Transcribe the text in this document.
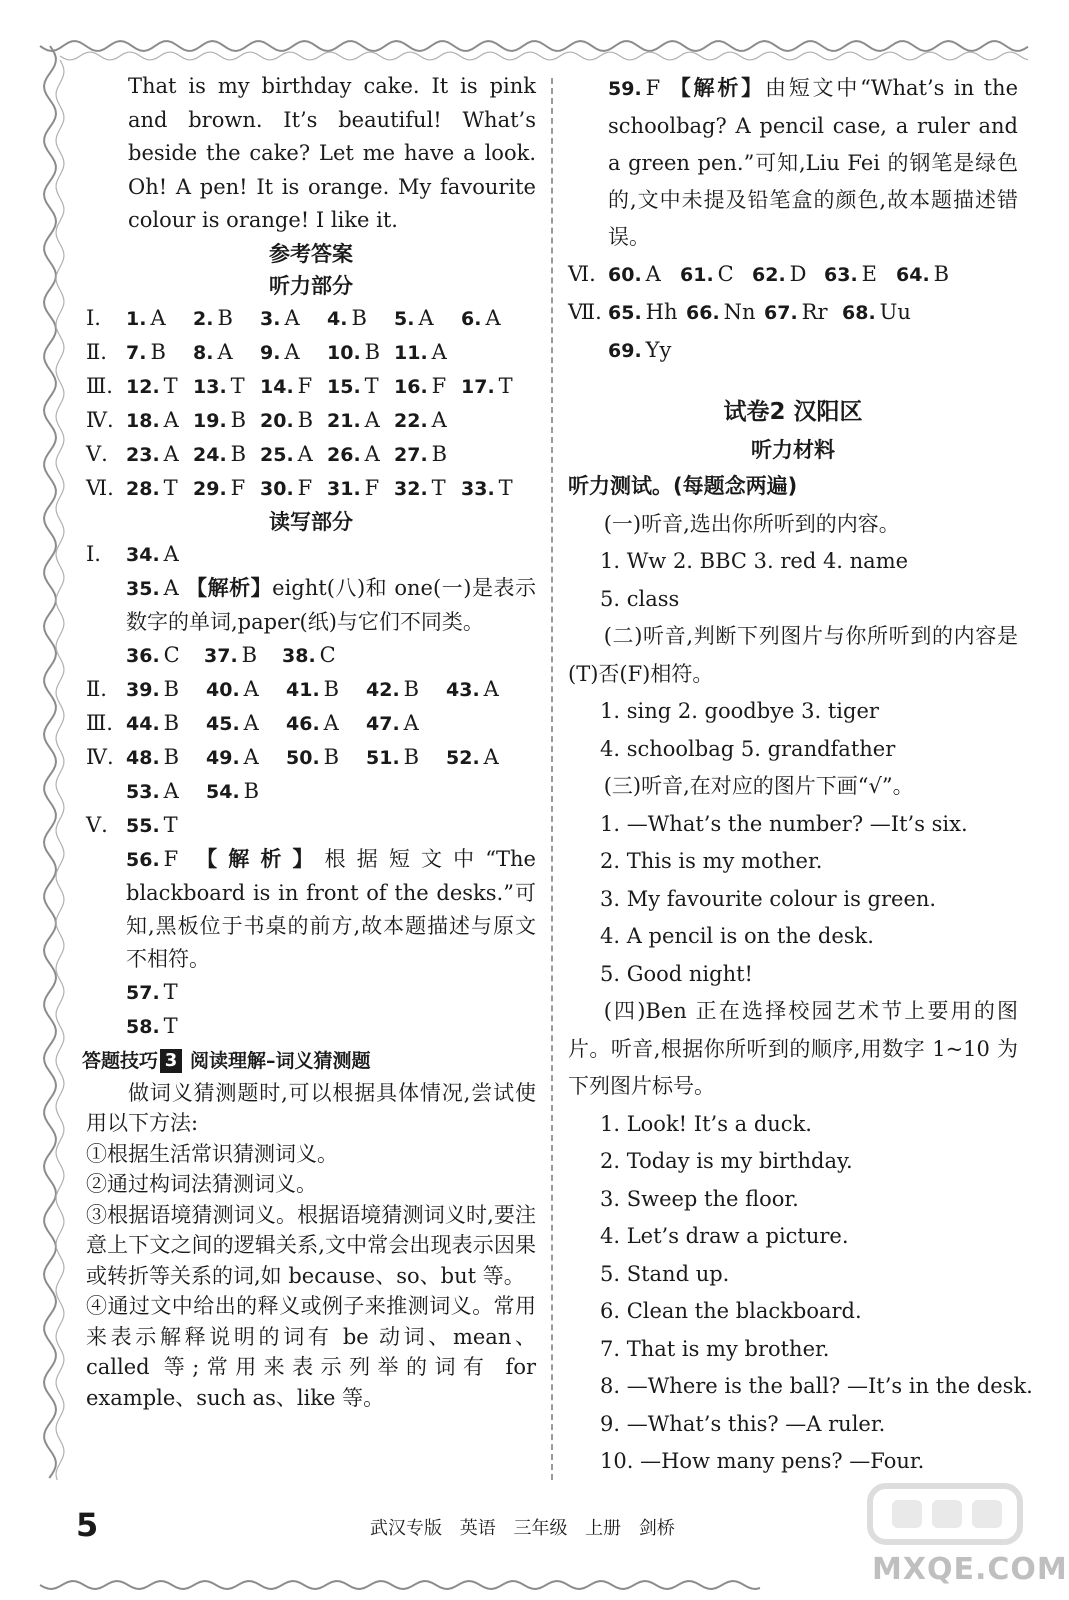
That is my birthday cake. It is pink and brown. It’s beautiful! What’s beside the cake? Let me have a look. Oh! A pen! It is orange. My favourite colour is orange! I like it.

参考答案

听力部分

Ⅰ.	1. A	2. B	3. A	4. B	5. A	6. A
Ⅱ.	7. B	8. A	9. A	10. B 11. A
Ⅲ. 12. T 13. T 14. F 15. T 16. F 17. T
Ⅳ. 18. A 19. B 20. B 21. A 22. A
Ⅴ. 23. A 24. B 25. A 26. A 27. B
Ⅵ. 28. T 29. F 30. F 31. F 32. T 33. T

读写部分

Ⅰ.	34. A
35. A 【解析】eight(八)和 one(一)是表示数字的单词,paper(纸)与它们不同类。
36. C	37. B	38. C
Ⅱ.	39. B	40. A	41. B	42. B	43. A
Ⅲ. 44. B	45. A	46. A	47. A
Ⅳ. 48. B	49. A	50. B	51. B	52. A
53. A	54. B
Ⅴ. 55. T
56. F 【解析】根据短文中“The blackboard is in front of the desks.”可知,黑板位于书桌的前方,故本题描述与原文不相符。
57. T
58. T
答题技巧 3 阅读理解–词义猜测题

做词义猜测题时,可以根据具体情况,尝试使用以下方法:

①根据生活常识猜测词义。

②通过构词法猜测词义。

③根据语境猜测词义。根据语境猜测词义时,要注意上下文之间的逻辑关系,文中常会出现表示因果或转折等关系的词,如 because、so、but 等。

④通过文中给出的释义或例子来推测词义。常用来表示解释说明的词有 be 动词、mean、called 等;常用来表示列举的词有 for example、such as、like 等。

59. F 【解析】由短文中“What’s in the schoolbag? A pencil case, a ruler and a green pen.”可知,Liu Fei 的钢笔是绿色的,文中未提及铅笔盒的颜色,故本题描述错误。
Ⅵ. 60. A	61. C 62. D 63. E 64. B
Ⅶ. 65. Hh 66. Nn 67. Rr 68. Uu
69. Yy

试卷2 汉阳区

听力材料

听力测试。(每题念两遍)

(一)听音,选出你所听到的内容。

1. Ww 2. BBC 3. red 4. name

5. class

(二)听音,判断下列图片与你所听到的内容是(T)否(F)相符。

1. sing 2. goodbye 3. tiger

4. schoolbag 5. grandfather

(三)听音,在对应的图片下画“√”。

1. —What’s the number? —It’s six.

2. This is my mother.

3. My favourite colour is green.

4. A pencil is on the desk.

5. Good night!

(四)Ben 正在选择校园艺术节上要用的图片。听音,根据你所听到的顺序,用数字 1~10 为下列图片标号。

1. Look! It’s a duck.

2. Today is my birthday.

3. Sweep the floor.

4. Let’s draw a picture.

5. Stand up.

6. Clean the blackboard.

7. That is my brother.

8. —Where is the ball? —It’s in the desk.

9. —What’s this? —A ruler.

10. —How many pens? —Four.

5	武汉专版 英语 三年级 上册 剑桥
MXQE.COM
